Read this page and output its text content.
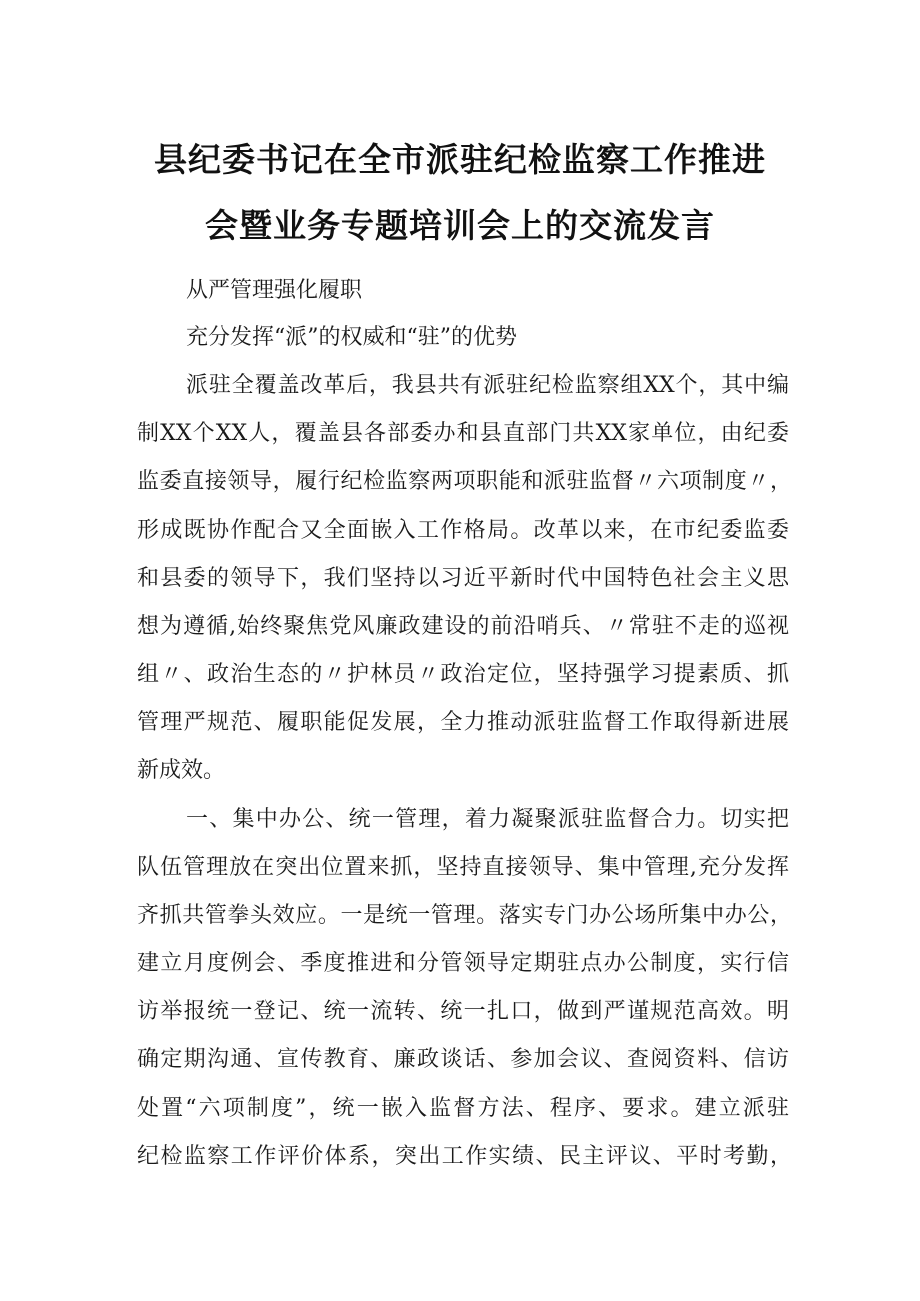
县纪委书记在全市派驻纪检监察工作推进
会暨业务专题培训会上的交流发言
从严管理强化履职
充分发挥“派”的权威和“驻”的优势
派驻全覆盖改革后，我县共有派驻纪检监察组XX个，其中编
制XX个XX人，覆盖县各部委办和县直部门共XX家单位，由纪委
监委直接领导，履行纪检监察两项职能和派驻监督〃六项制度〃，
形成既协作配合又全面嵌入工作格局。改革以来，在市纪委监委
和县委的领导下，我们坚持以习近平新时代中国特色社会主义思
想为遵循,始终聚焦党风廉政建设的前沿哨兵、〃常驻不走的巡视
组〃、政治生态的〃护林员〃政治定位，坚持强学习提素质、抓
管理严规范、履职能促发展，全力推动派驻监督工作取得新进展
新成效。
一、集中办公、统一管理，着力凝聚派驻监督合力。切实把
队伍管理放在突出位置来抓，坚持直接领导、集中管理,充分发挥
齐抓共管拳头效应。一是统一管理。落实专门办公场所集中办公，
建立月度例会、季度推进和分管领导定期驻点办公制度，实行信
访举报统一登记、统一流转、统一扎口，做到严谨规范高效。明
确定期沟通、宣传教育、廉政谈话、参加会议、查阅资料、信访
处置“六项制度”，统一嵌入监督方法、程序、要求。建立派驻
纪检监察工作评价体系，突出工作实绩、民主评议、平时考勤，
